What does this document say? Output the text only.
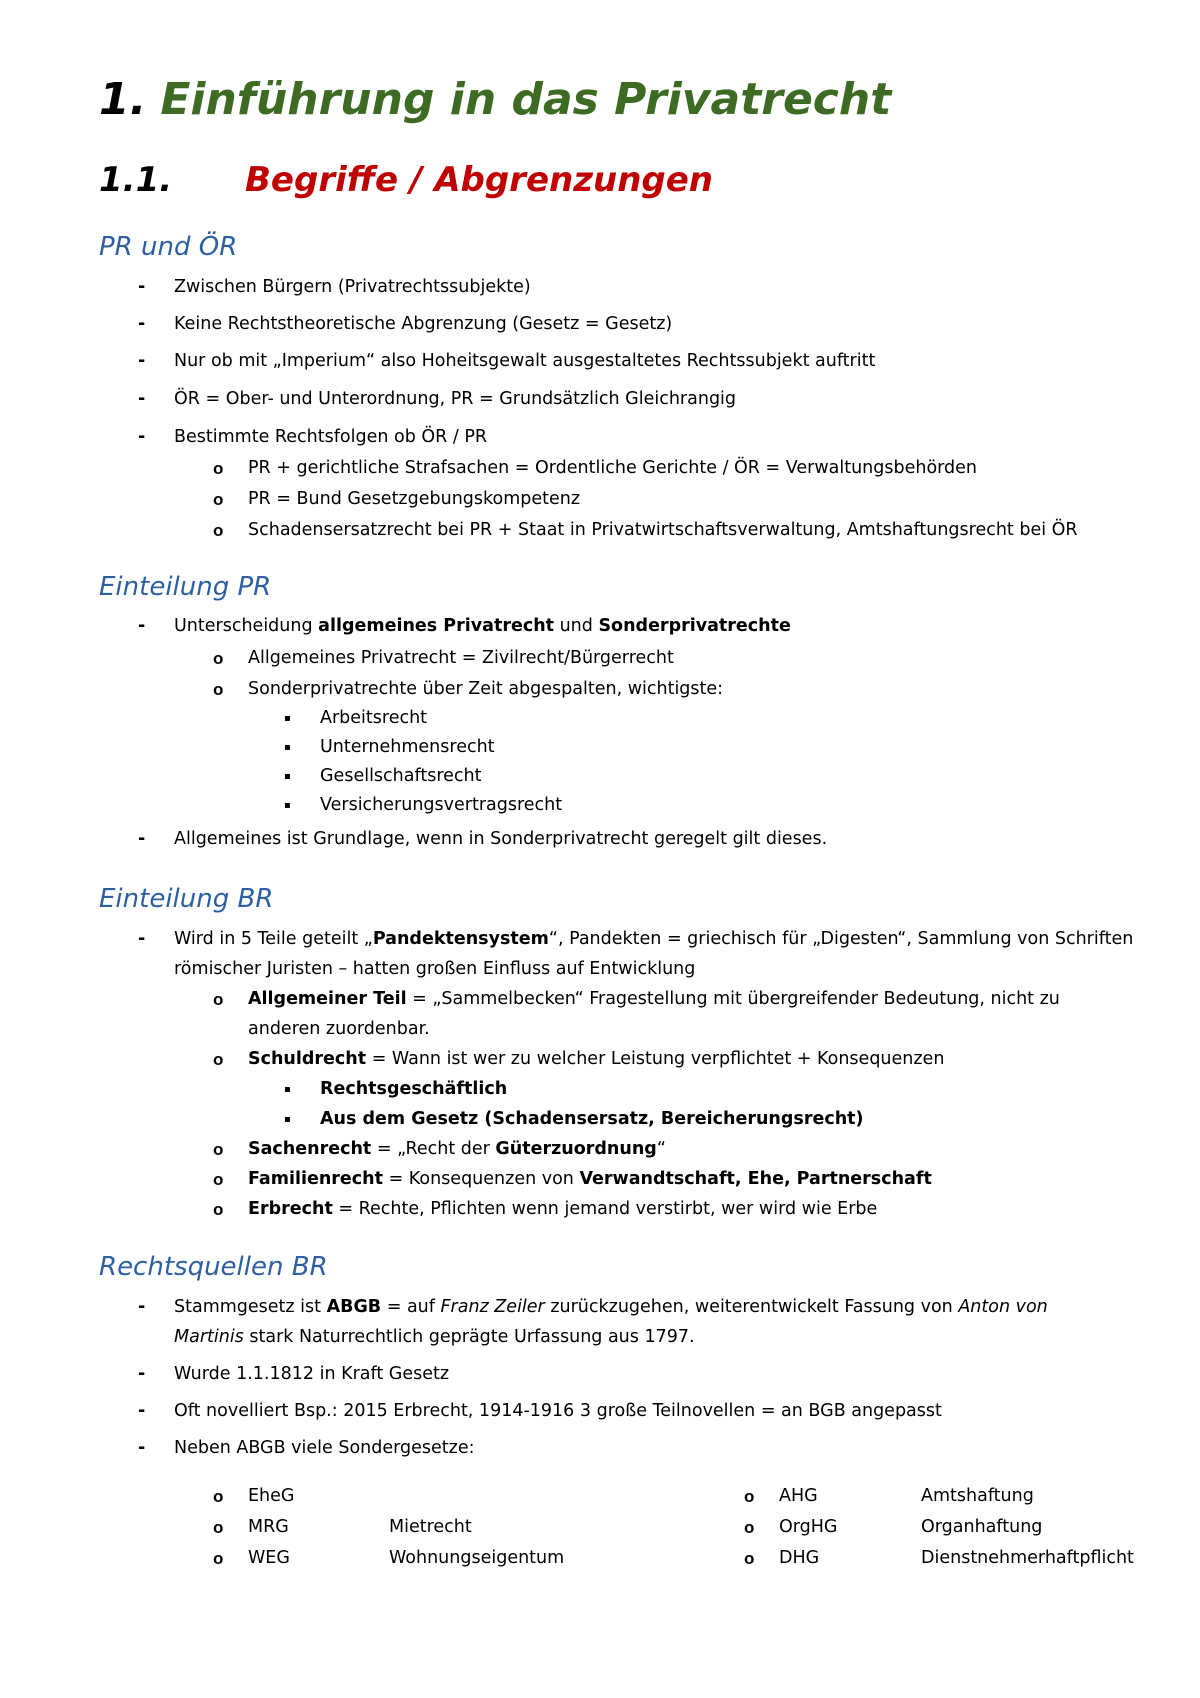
1. Einführung in das Privatrecht
1.1. Begriffe / Abgrenzungen
PR und ÖR
- Zwischen Bürgern (Privatrechtssubjekte)
- Keine Rechtstheoretische Abgrenzung (Gesetz = Gesetz)
- Nur ob mit „Imperium“ also Hoheitsgewalt ausgestaltetes Rechtssubjekt auftritt
- ÖR = Ober- und Unterordnung, PR = Grundsätzlich Gleichrangig
- Bestimmte Rechtsfolgen ob ÖR / PR
o PR + gerichtliche Strafsachen = Ordentliche Gerichte / ÖR = Verwaltungsbehörden
o PR = Bund Gesetzgebungskompetenz
o Schadensersatzrecht bei PR + Staat in Privatwirtschaftsverwaltung, Amtshaftungsrecht bei ÖR
Einteilung PR
- Unterscheidung allgemeines Privatrecht und Sonderprivatrechte
o Allgemeines Privatrecht = Zivilrecht/Bürgerrecht
o Sonderprivatrechte über Zeit abgespalten, wichtigste:
▪ Arbeitsrecht
▪ Unternehmensrecht
▪ Gesellschaftsrecht
▪ Versicherungsvertragsrecht
- Allgemeines ist Grundlage, wenn in Sonderprivatrecht geregelt gilt dieses.
Einteilung BR
- Wird in 5 Teile geteilt „Pandektensystem“, Pandekten = griechisch für „Digesten“, Sammlung von Schriften
römischer Juristen – hatten großen Einfluss auf Entwicklung
o Allgemeiner Teil = „Sammelbecken“ Fragestellung mit übergreifender Bedeutung, nicht zu
anderen zuordenbar.
o Schuldrecht = Wann ist wer zu welcher Leistung verpflichtet + Konsequenzen
▪ Rechtsgeschäftlich
▪ Aus dem Gesetz (Schadensersatz, Bereicherungsrecht)
o Sachenrecht = „Recht der Güterzuordnung“
o Familienrecht = Konsequenzen von Verwandtschaft, Ehe, Partnerschaft
o Erbrecht = Rechte, Pflichten wenn jemand verstirbt, wer wird wie Erbe
Rechtsquellen BR
- Stammgesetz ist ABGB = auf Franz Zeiler zurückzugehen, weiterentwickelt Fassung von Anton von
Martinis stark Naturrechtlich geprägte Urfassung aus 1797.
- Wurde 1.1.1812 in Kraft Gesetz
- Oft novelliert Bsp.: 2015 Erbrecht, 1914-1916 3 große Teilnovellen = an BGB angepasst
- Neben ABGB viele Sondergesetze:
o EheG
o MRG	Mietrecht
o WEG	Wohnungseigentum
o AHG	Amtshaftung
o OrgHG	Organhaftung
o DHG	Dienstnehmerhaftpflicht
